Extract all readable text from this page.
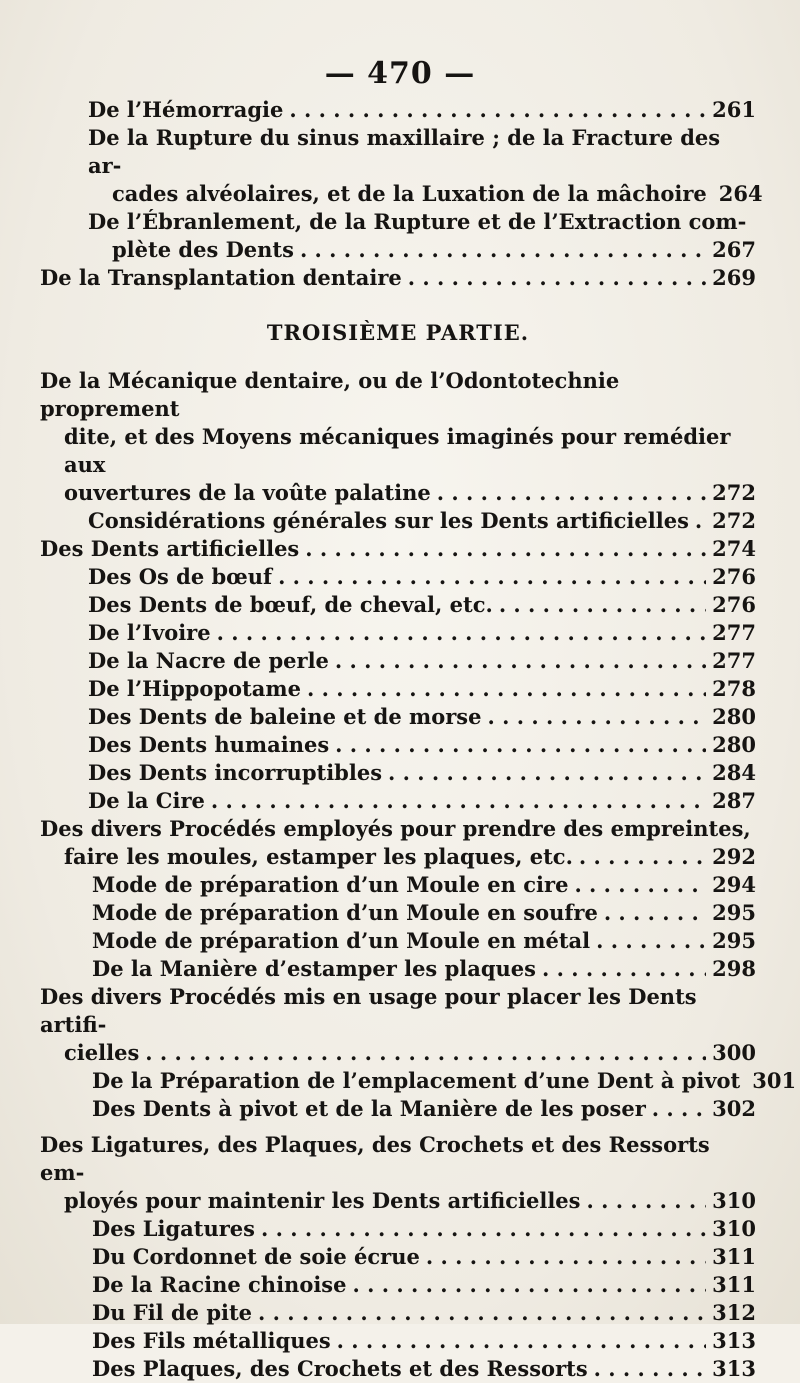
— 470 —
De l’Hémorragie . . .	261
De la Rupture du sinus maxillaire ; de la Fracture des ar-
cades alvéolaires, et de la Luxation de la mâchoire 264
De l’Ébranlement, de la Rupture et de l’Extraction com-
plète des Dents . . .	267
De la Transplantation dentaire . . .	269
TROISIÈME PARTIE.
De la Mécanique dentaire, ou de l’Odontotechnie proprement
dite, et des Moyens mécaniques imaginés pour remédier aux
ouvertures de la voûte palatine . . .	272
Considérations générales sur les Dents artificielles . . . 272
Des Dents artificielles . . .	274
Des Os de bœuf . . .	276
Des Dents de bœuf, de cheval, etc. . . .	276
De l’Ivoire . . .	277
De la Nacre de perle . . .	277
De l’Hippopotame . . .	278
Des Dents de baleine et de morse . . .	280
Des Dents humaines . . .	280
Des Dents incorruptibles . . .	284
De la Cire . . .	287
Des divers Procédés employés pour prendre des empreintes,
faire les moules, estamper les plaques, etc. . . .	292
Mode de préparation d’un Moule en cire . . .	294
Mode de préparation d’un Moule en soufre . . .	295
Mode de préparation d’un Moule en métal . . .	295
De la Manière d’estamper les plaques . . .	298
Des divers Procédés mis en usage pour placer les Dents artifi-
cielles . . .	300
De la Préparation de l’emplacement d’une Dent à pivot 301
Des Dents à pivot et de la Manière de les poser . . .	302
Des Ligatures, des Plaques, des Crochets et des Ressorts em-
ployés pour maintenir les Dents artificielles . . .	310
Des Ligatures . . .	310
Du Cordonnet de soie écrue . . .	311
De la Racine chinoise . . .	311
Du Fil de pite . . .	312
Des Fils métalliques . . .	313
Des Plaques, des Crochets et des Ressorts . . .	313
